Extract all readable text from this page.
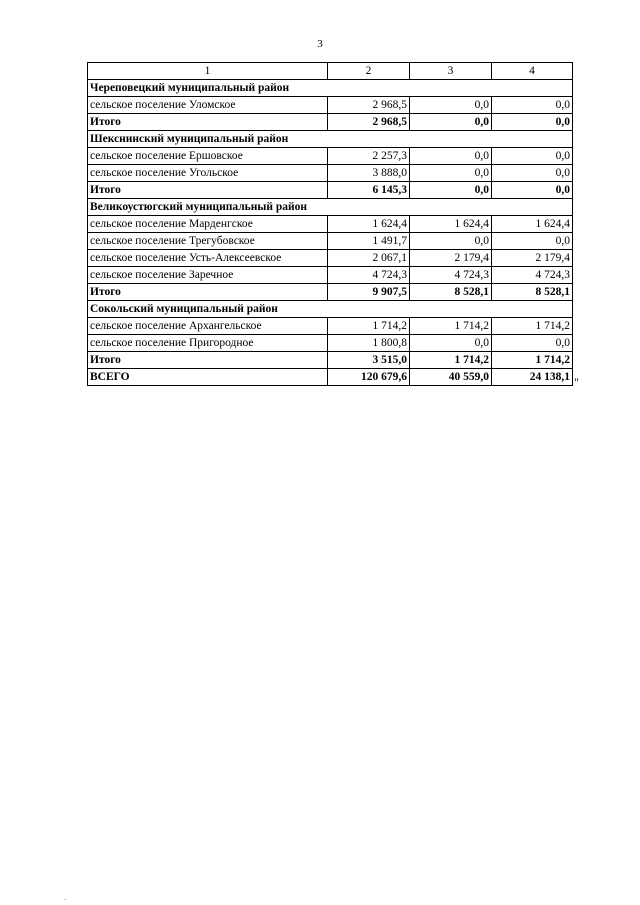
3
1	2	3	4
Череповецкий муниципальный район			
сельское поселение Уломское	2 968,5	0,0	0,0
Итого	2 968,5	0,0	0,0
Шекснинский муниципальный район			
сельское поселение Ершовское	2 257,3	0,0	0,0
сельское поселение Угольское	3 888,0	0,0	0,0
Итого	6 145,3	0,0	0,0
Великоустюгский муниципальный район			
сельское поселение Марденгское	1 624,4	1 624,4	1 624,4
сельское поселение Трегубовское	1 491,7	0,0	0,0
сельское поселение Усть-Алексеевское	2 067,1	2 179,4	2 179,4
сельское поселение Заречное	4 724,3	4 724,3	4 724,3
Итого	9 907,5	8 528,1	8 528,1
Сокольский муниципальный район			
сельское поселение Архангельское	1 714,2	1 714,2	1 714,2
сельское поселение Пригородное	1 800,8	0,0	0,0
Итого	3 515,0	1 714,2	1 714,2
ВСЕГО	120 679,6	40 559,0	24 138,1 "
.
